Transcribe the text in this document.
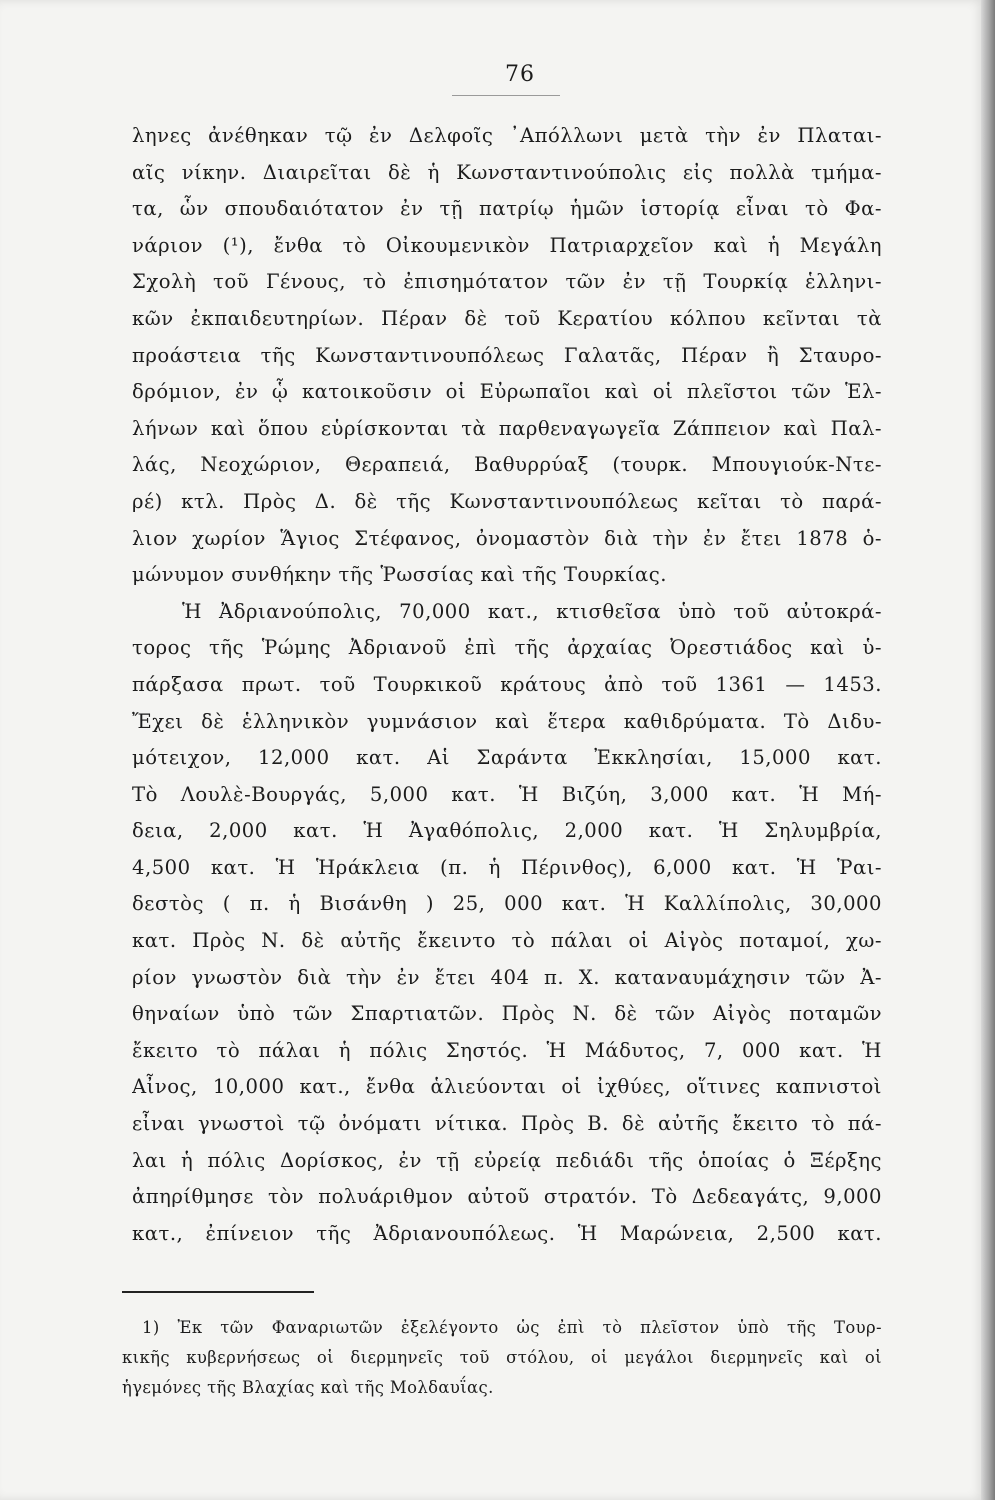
76
ληνες ἀνέθηκαν τῷ ἐν Δελφοῖς ᾿Απόλλωνι μετὰ τὴν ἐν Πλαται-
αῖς νίκην. Διαιρεῖται δὲ ἡ Κωνσταντινούπολις εἰς πολλὰ τμήμα-
τα, ὧν σπουδαιότατον ἐν τῇ πατρίῳ ἡμῶν ἱστορίᾳ εἶναι τὸ Φα-
νάριον (¹), ἔνθα τὸ Οἰκουμενικὸν Πατριαρχεῖον καὶ ἡ Μεγάλη
Σχολὴ τοῦ Γένους, τὸ ἐπισημότατον τῶν ἐν τῇ Τουρκίᾳ ἑλληνι-
κῶν ἐκπαιδευτηρίων. Πέραν δὲ τοῦ Κερατίου κόλπου κεῖνται τὰ
προάστεια τῆς Κωνσταντινουπόλεως Γαλατᾶς, Πέραν ἢ Σταυρο-
δρόμιον, ἐν ᾧ κατοικοῦσιν οἱ Εὐρωπαῖοι καὶ οἱ πλεῖστοι τῶν Ἑλ-
λήνων καὶ ὅπου εὑρίσκονται τὰ παρθεναγωγεῖα Ζάππειον καὶ Παλ-
λάς, Νεοχώριον, Θεραπειά, Βαθυρρύαξ (τουρκ. Μπουγιούκ-Ντε-
ρέ) κτλ. Πρὸς Δ. δὲ τῆς Κωνσταντινουπόλεως κεῖται τὸ παρά-
λιον χωρίον Ἅγιος Στέφανος, ὀνομαστὸν διὰ τὴν ἐν ἔτει 1878 ὁ-
μώνυμον συνθήκην τῆς Ῥωσσίας καὶ τῆς Τουρκίας.
Ἡ Ἀδριανούπολις, 70,000 κατ., κτισθεῖσα ὑπὸ τοῦ αὐτοκρά-
τορος τῆς Ῥώμης Ἀδριανοῦ ἐπὶ τῆς ἀρχαίας Ὀρεστιάδος καὶ ὑ-
πάρξασα πρωτ. τοῦ Τουρκικοῦ κράτους ἀπὸ τοῦ 1361 — 1453.
Ἔχει δὲ ἑλληνικὸν γυμνάσιον καὶ ἕτερα καθιδρύματα. Τὸ Διδυ-
μότειχον, 12,000 κατ. Αἱ Σαράντα Ἐκκλησίαι, 15,000 κατ.
Τὸ Λουλὲ-Βουργάς, 5,000 κατ. Ἡ Βιζύη, 3,000 κατ. Ἡ Μή-
δεια, 2,000 κατ. Ἡ Ἀγαθόπολις, 2,000 κατ. Ἡ Σηλυμβρία,
4,500 κατ. Ἡ Ἡράκλεια (π. ἡ Πέρινθος), 6,000 κατ. Ἡ Ῥαι-
δεστὸς ( π. ἡ Βισάνθη ) 25, 000 κατ. Ἡ Καλλίπολις, 30,000
κατ. Πρὸς Ν. δὲ αὐτῆς ἔκειντο τὸ πάλαι οἱ Αἰγὸς ποταμοί, χω-
ρίον γνωστὸν διὰ τὴν ἐν ἔτει 404 π. Χ. καταναυμάχησιν τῶν Ἀ-
θηναίων ὑπὸ τῶν Σπαρτιατῶν. Πρὸς Ν. δὲ τῶν Αἰγὸς ποταμῶν
ἔκειτο τὸ πάλαι ἡ πόλις Σηστός. Ἡ Μάδυτος, 7, 000 κατ. Ἡ
Αἶνος, 10,000 κατ., ἔνθα ἁλιεύονται οἱ ἰχθύες, οἵτινες καπνιστοὶ
εἶναι γνωστοὶ τῷ ὀνόματι νίτικα. Πρὸς Β. δὲ αὐτῆς ἔκειτο τὸ πά-
λαι ἡ πόλις Δορίσκος, ἐν τῇ εὐρείᾳ πεδιάδι τῆς ὁποίας ὁ Ξέρξης
ἀπηρίθμησε τὸν πολυάριθμον αὐτοῦ στρατόν. Τὸ Δεδεαγάτς, 9,000
κατ., ἐπίνειον τῆς Ἀδριανουπόλεως. Ἡ Μαρώνεια, 2,500 κατ.
1) Ἐκ τῶν Φαναριωτῶν ἐξελέγοντο ὡς ἐπὶ τὸ πλεῖστον ὑπὸ τῆς Τουρ-
κικῆς κυβερνήσεως οἱ διερμηνεῖς τοῦ στόλου, οἱ μεγάλοι διερμηνεῖς καὶ οἱ
ἡγεμόνες τῆς Βλαχίας καὶ τῆς Μολδαυΐας.
